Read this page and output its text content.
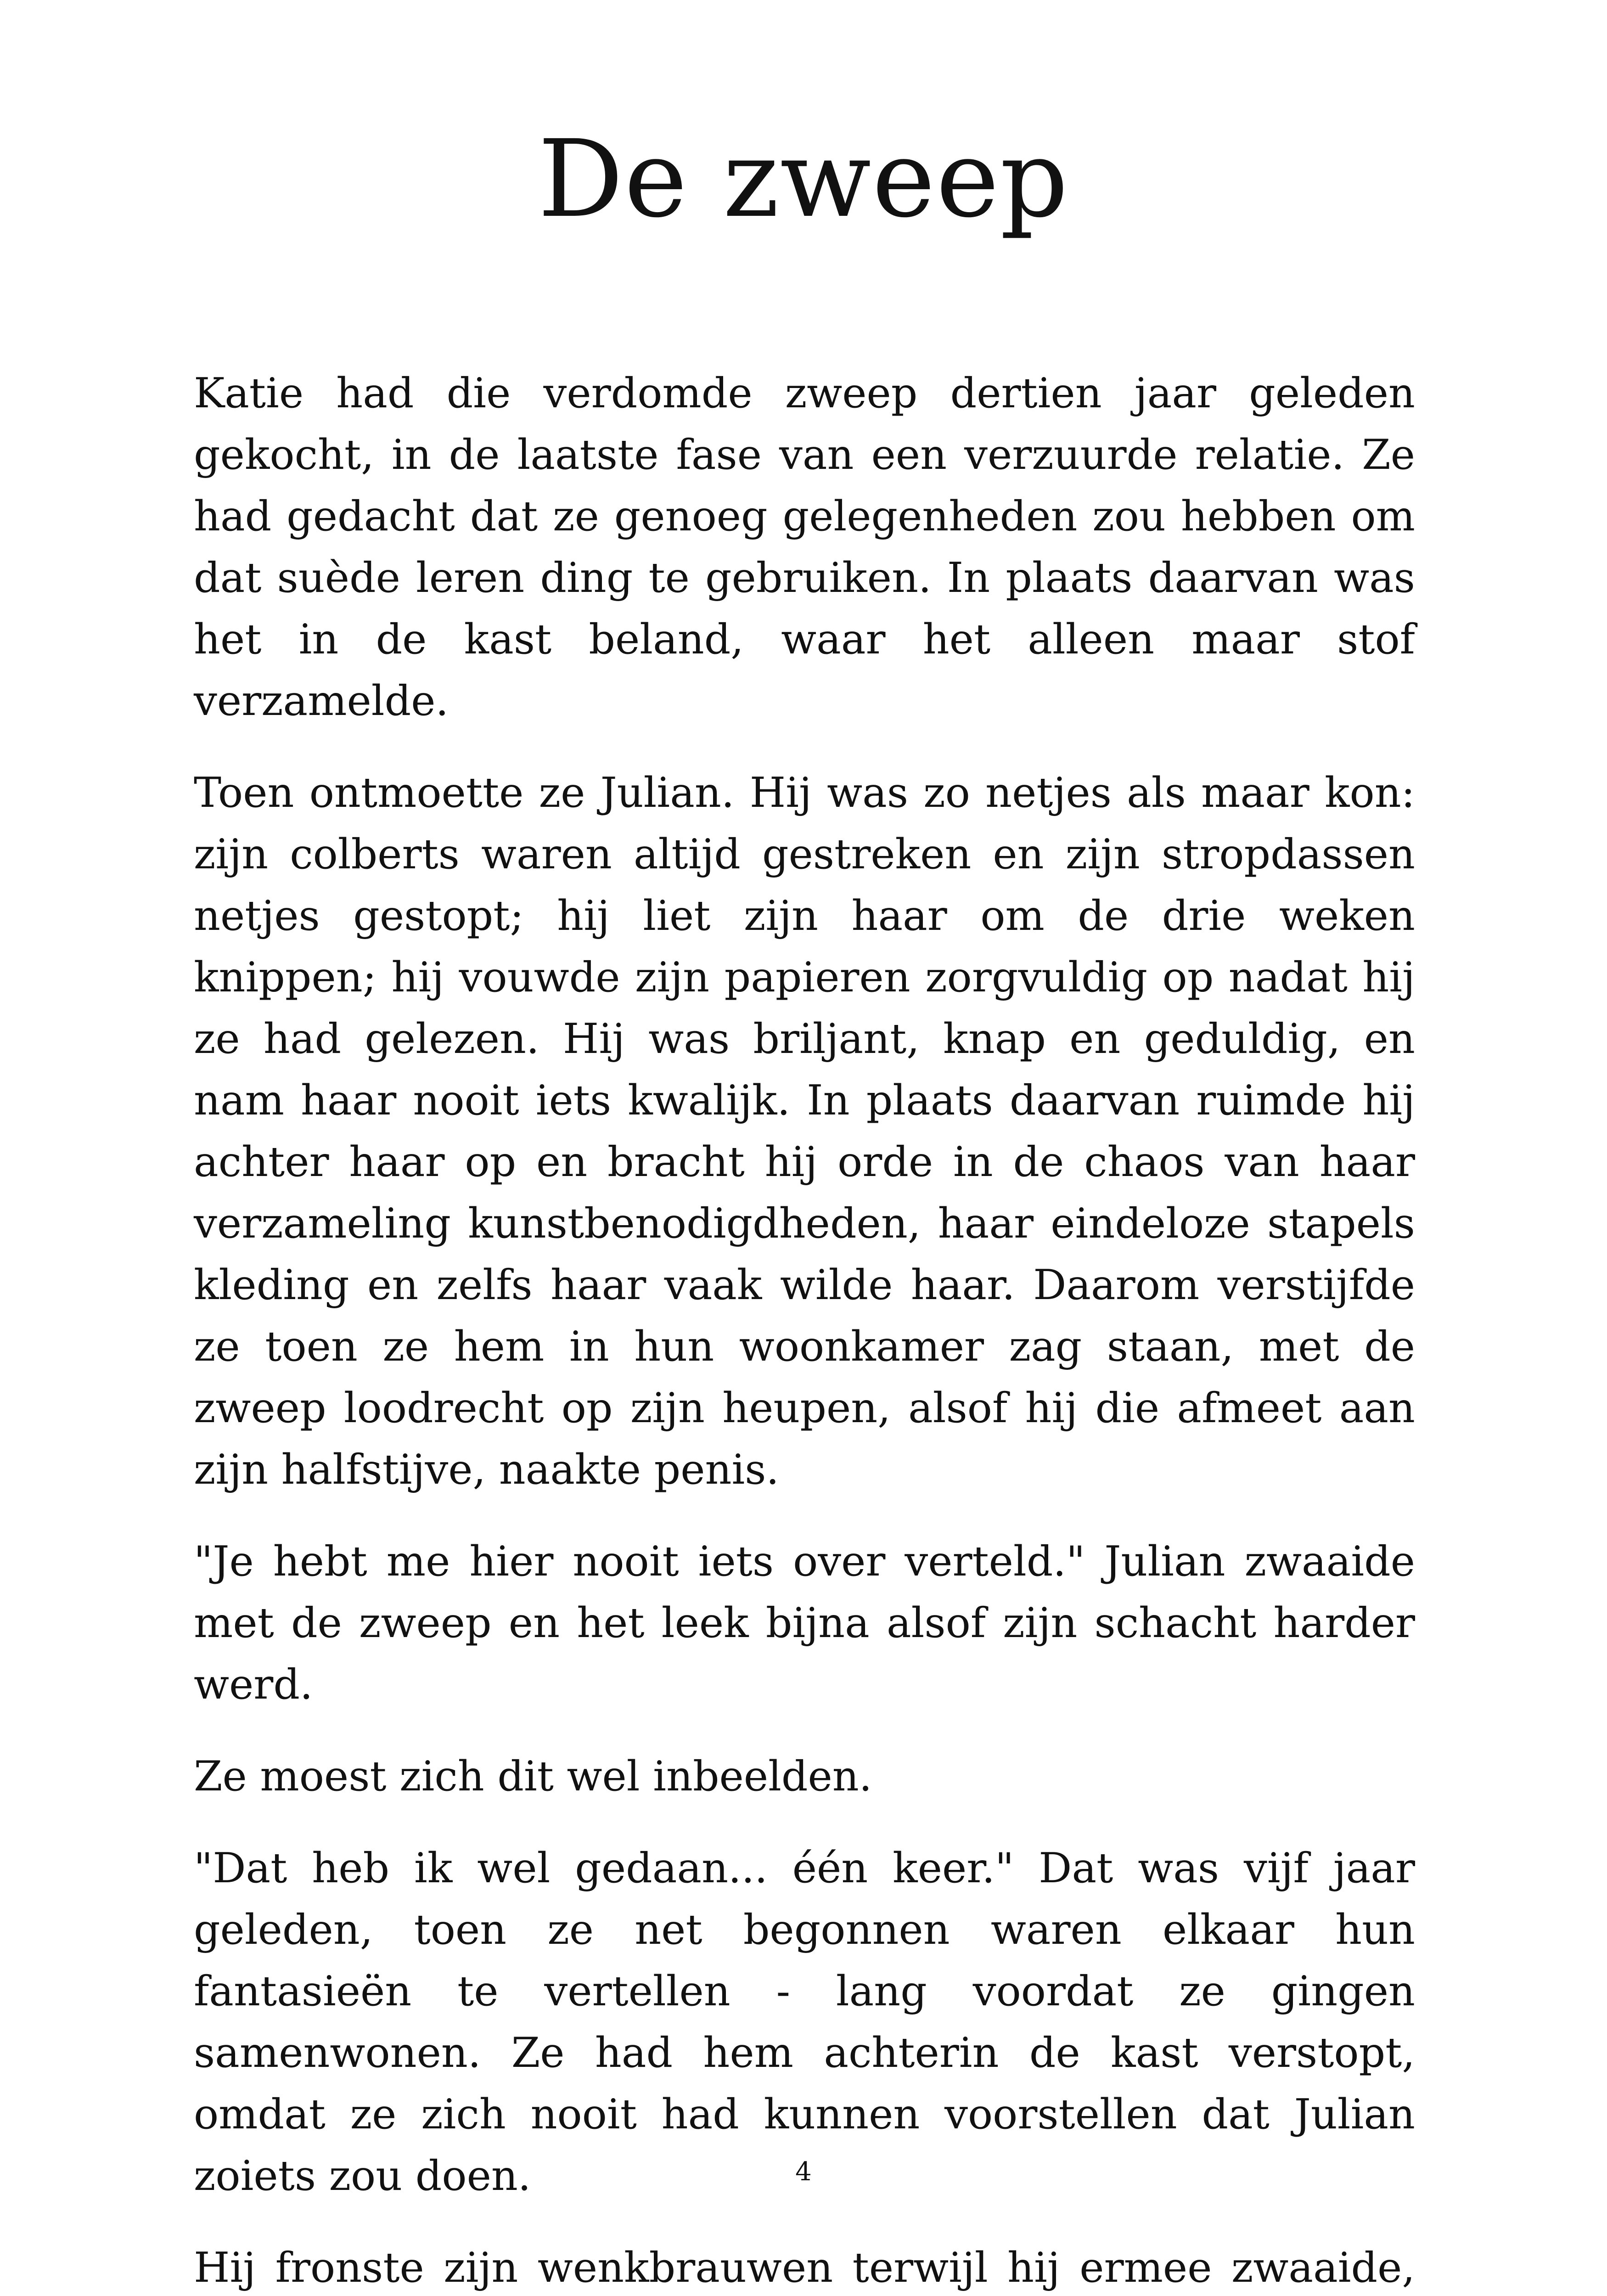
De zweep

Katie had die verdomde zweep dertien jaar geleden gekocht, in de laatste fase van een verzuurde relatie. Ze had gedacht dat ze genoeg gelegenheden zou hebben om dat suède leren ding te gebruiken. In plaats daarvan was het in de kast beland, waar het alleen maar stof verzamelde.

Toen ontmoette ze Julian. Hij was zo netjes als maar kon: zijn colberts waren altijd gestreken en zijn stropdassen netjes gestopt; hij liet zijn haar om de drie weken knippen; hij vouwde zijn papieren zorgvuldig op nadat hij ze had gelezen. Hij was briljant, knap en geduldig, en nam haar nooit iets kwalijk. In plaats daarvan ruimde hij achter haar op en bracht hij orde in de chaos van haar verzameling kunstbenodigdheden, haar eindeloze stapels kleding en zelfs haar vaak wilde haar. Daarom verstijfde ze toen ze hem in hun woonkamer zag staan, met de zweep loodrecht op zijn heupen, alsof hij die afmeet aan zijn halfstijve, naakte penis.

"Je hebt me hier nooit iets over verteld." Julian zwaaide met de zweep en het leek bijna alsof zijn schacht harder werd.

Ze moest zich dit wel inbeelden.

"Dat heb ik wel gedaan... één keer." Dat was vijf jaar geleden, toen ze net begonnen waren elkaar hun fantasieën te vertellen - lang voordat ze gingen samenwonen. Ze had hem achterin de kast verstopt, omdat ze zich nooit had kunnen voorstellen dat Julian zoiets zou doen.

Hij fronste zijn wenkbrauwen terwijl hij ermee zwaaide,

4
